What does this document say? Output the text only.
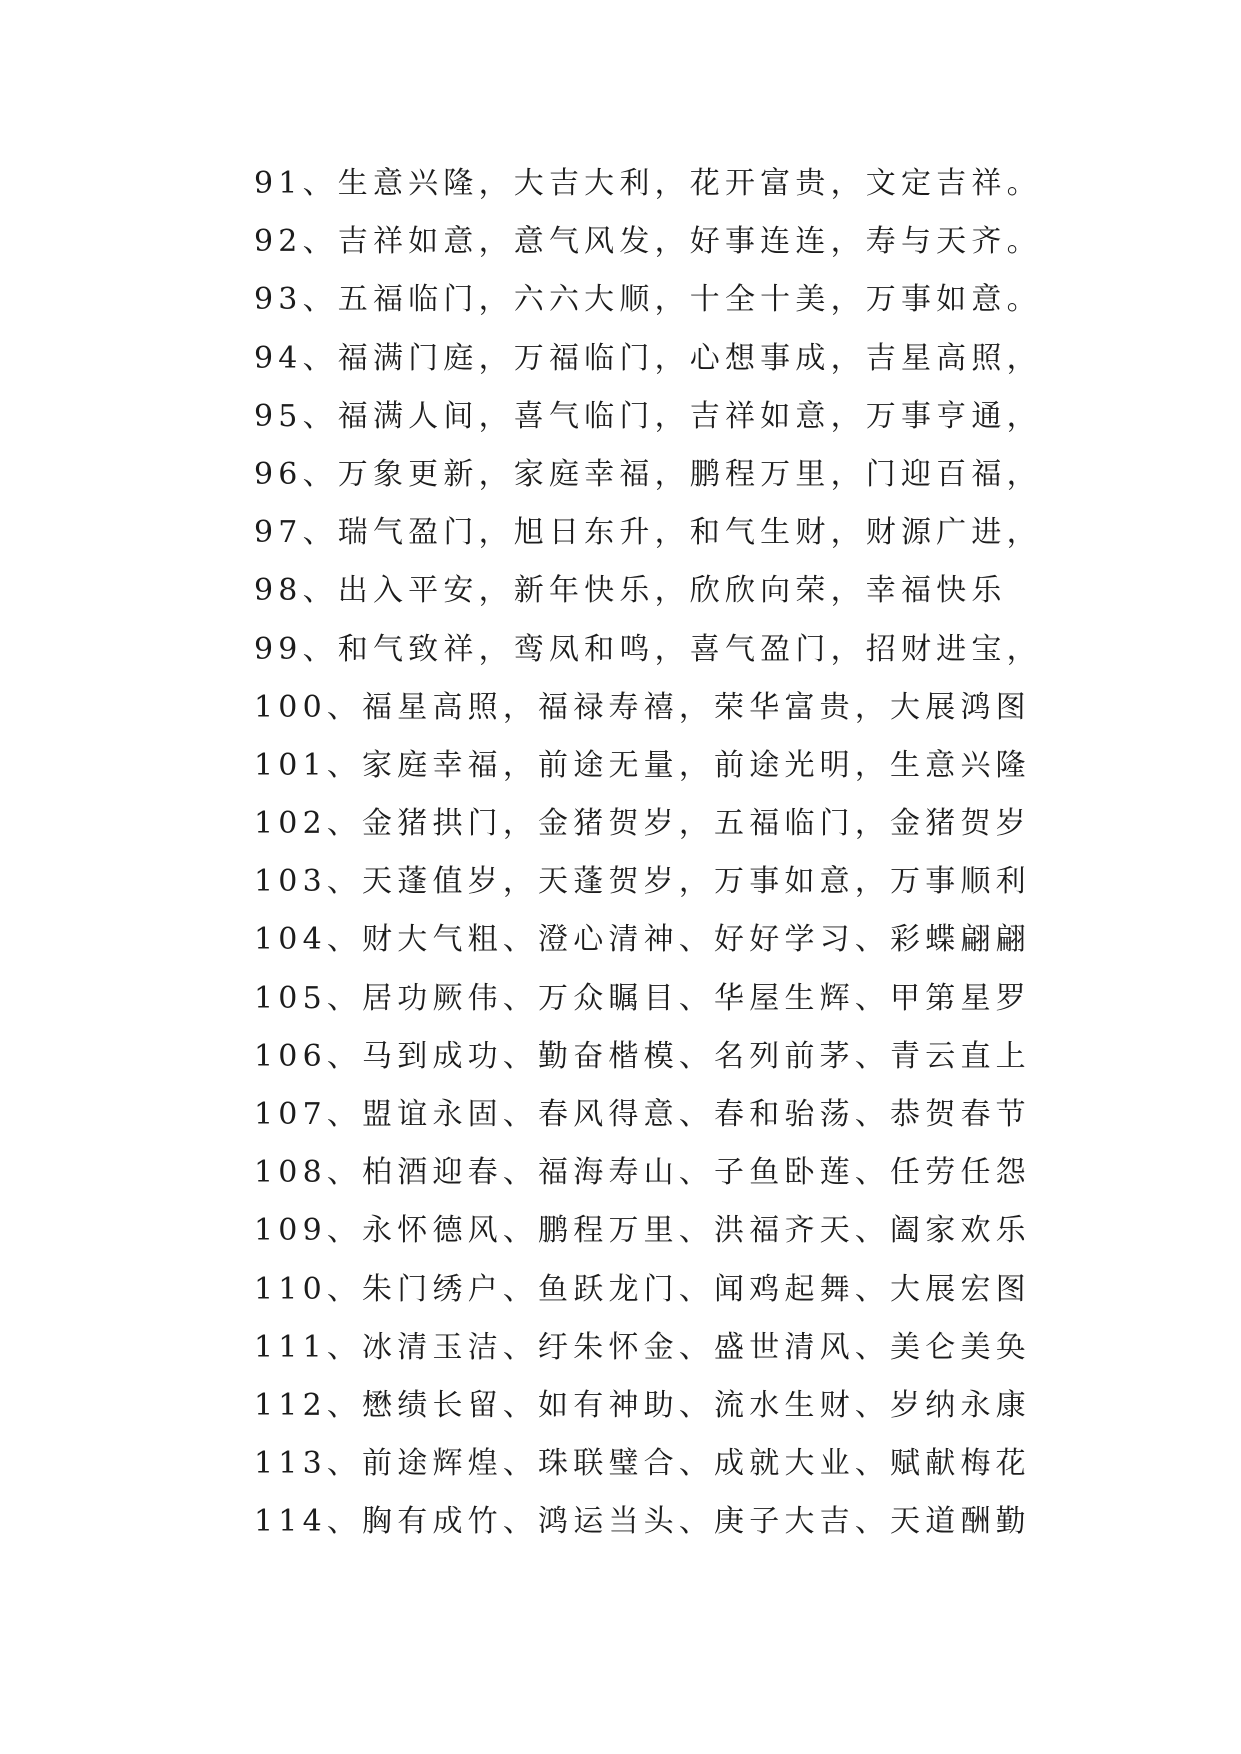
91、生意兴隆，大吉大利，花开富贵，文定吉祥。
92、吉祥如意，意气风发，好事连连，寿与天齐。
93、五福临门，六六大顺，十全十美，万事如意。
94、福满门庭，万福临门，心想事成，吉星高照，
95、福满人间，喜气临门，吉祥如意，万事亨通，
96、万象更新，家庭幸福，鹏程万里，门迎百福，
97、瑞气盈门，旭日东升，和气生财，财源广进，
98、出入平安，新年快乐，欣欣向荣，幸福快乐
99、和气致祥，鸾凤和鸣，喜气盈门，招财进宝，
100、福星高照，福禄寿禧，荣华富贵，大展鸿图
101、家庭幸福，前途无量，前途光明，生意兴隆
102、金猪拱门，金猪贺岁，五福临门，金猪贺岁
103、天蓬值岁，天蓬贺岁，万事如意，万事顺利
104、财大气粗、澄心清神、好好学习、彩蝶翩翩
105、居功厥伟、万众瞩目、华屋生辉、甲第星罗
106、马到成功、勤奋楷模、名列前茅、青云直上
107、盟谊永固、春风得意、春和骀荡、恭贺春节
108、柏酒迎春、福海寿山、子鱼卧莲、任劳任怨
109、永怀德风、鹏程万里、洪福齐天、阖家欢乐
110、朱门绣户、鱼跃龙门、闻鸡起舞、大展宏图
111、冰清玉洁、纡朱怀金、盛世清风、美仑美奂
112、懋绩长留、如有神助、流水生财、岁纳永康
113、前途辉煌、珠联璧合、成就大业、赋献梅花
114、胸有成竹、鸿运当头、庚子大吉、天道酬勤
